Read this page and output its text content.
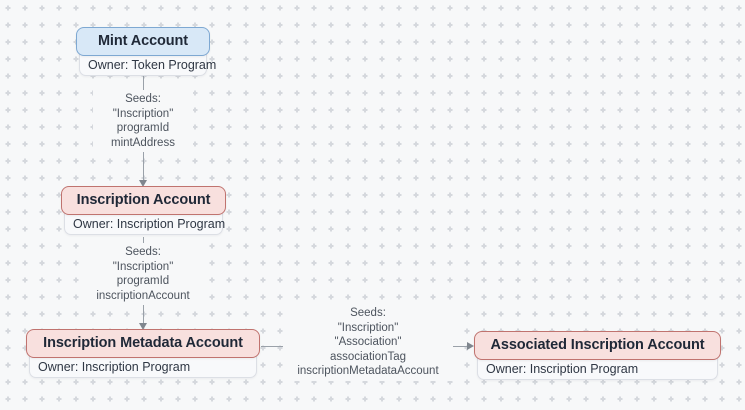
Seeds:
"Inscription"
programId
mintAddress
Seeds:
"Inscription"
programId
inscriptionAccount
Seeds:
"Inscription"
"Association"
associationTag
inscriptionMetadataAccount
Mint Account
Owner: Token Program
Inscription Account
Owner: Inscription Program
Inscription Metadata Account
Owner: Inscription Program
Associated Inscription Account
Owner: Inscription Program
